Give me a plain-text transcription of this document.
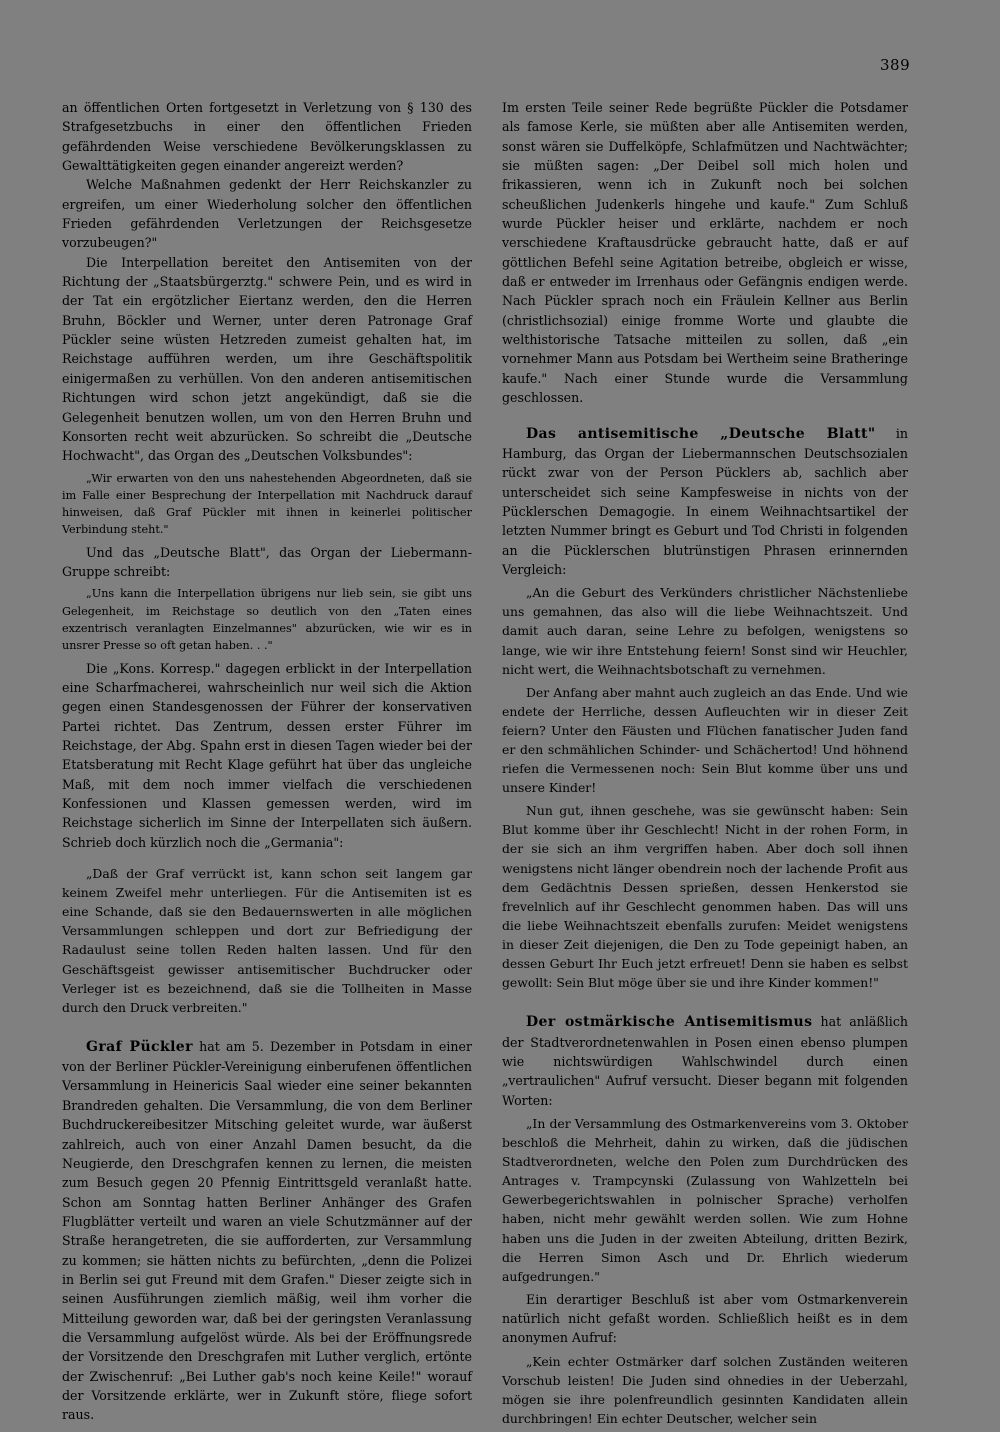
389

an öffentlichen Orten fortgesetzt in Verletzung von § 130 des Strafgesetzbuchs in einer den öffentlichen Frieden gefährdenden Weise verschiedene Bevölkerungsklassen zu Gewalttätigkeiten gegen einander angereizt werden?

Welche Maßnahmen gedenkt der Herr Reichskanzler zu ergreifen, um einer Wiederholung solcher den öffentlichen Frieden gefährdenden Verletzungen der Reichsgesetze vorzubeugen?"

Die Interpellation bereitet den Antisemiten von der Richtung der „Staatsbürgerztg." schwere Pein, und es wird in der Tat ein ergötzlicher Eiertanz werden, den die Herren Bruhn, Böckler und Werner, unter deren Patronage Graf Pückler seine wüsten Hetzreden zumeist gehalten hat, im Reichstage aufführen werden, um ihre Geschäftspolitik einigermaßen zu verhüllen. Von den anderen antisemitischen Richtungen wird schon jetzt angekündigt, daß sie die Gelegenheit benutzen wollen, um von den Herren Bruhn und Konsorten recht weit abzurücken. So schreibt die „Deutsche Hochwacht", das Organ des „Deutschen Volksbundes":

„Wir erwarten von den uns nahestehenden Abgeordneten, daß sie im Falle einer Besprechung der Interpellation mit Nachdruck darauf hinweisen, daß Graf Pückler mit ihnen in keinerlei politischer Verbindung steht."

Und das „Deutsche Blatt", das Organ der Liebermann-Gruppe schreibt:

„Uns kann die Interpellation übrigens nur lieb sein, sie gibt uns Gelegenheit, im Reichstage so deutlich von den „Taten eines exzentrisch veranlagten Einzelmannes" abzurücken, wie wir es in unsrer Presse so oft getan haben. . ."

Die „Kons. Korresp." dagegen erblickt in der Interpellation eine Scharfmacherei, wahrscheinlich nur weil sich die Aktion gegen einen Standesgenossen der Führer der konservativen Partei richtet. Das Zentrum, dessen erster Führer im Reichstage, der Abg. Spahn erst in diesen Tagen wieder bei der Etatsberatung mit Recht Klage geführt hat über das ungleiche Maß, mit dem noch immer vielfach die verschiedenen Konfessionen und Klassen gemessen werden, wird im Reichstage sicherlich im Sinne der Interpellaten sich äußern. Schrieb doch kürzlich noch die „Germania":

„Daß der Graf verrückt ist, kann schon seit langem gar keinem Zweifel mehr unterliegen. Für die Antisemiten ist es eine Schande, daß sie den Bedauernswerten in alle möglichen Versammlungen schleppen und dort zur Befriedigung der Radaulust seine tollen Reden halten lassen. Und für den Geschäftsgeist gewisser antisemitischer Buchdrucker oder Verleger ist es bezeichnend, daß sie die Tollheiten in Masse durch den Druck verbreiten."

Graf Pückler hat am 5. Dezember in Potsdam in einer von der Berliner Pückler-Vereinigung einberufenen öffentlichen Versammlung in Heinericis Saal wieder eine seiner bekannten Brandreden gehalten. Die Versammlung, die von dem Berliner Buchdruckereibesitzer Mitsching geleitet wurde, war äußerst zahlreich, auch von einer Anzahl Damen besucht, da die Neugierde, den Dreschgrafen kennen zu lernen, die meisten zum Besuch gegen 20 Pfennig Eintrittsgeld veranlaßt hatte. Schon am Sonntag hatten Berliner Anhänger des Grafen Flugblätter verteilt und waren an viele Schutzmänner auf der Straße herangetreten, die sie aufforderten, zur Versammlung zu kommen; sie hätten nichts zu befürchten, „denn die Polizei in Berlin sei gut Freund mit dem Grafen." Dieser zeigte sich in seinen Ausführungen ziemlich mäßig, weil ihm vorher die Mitteilung geworden war, daß bei der geringsten Veranlassung die Versammlung aufgelöst würde. Als bei der Eröffnungsrede der Vorsitzende den Dreschgrafen mit Luther verglich, ertönte der Zwischenruf: „Bei Luther gab's noch keine Keile!" worauf der Vorsitzende erklärte, wer in Zukunft störe, fliege sofort raus.

Im ersten Teile seiner Rede begrüßte Pückler die Potsdamer als famose Kerle, sie müßten aber alle Antisemiten werden, sonst wären sie Duffelköpfe, Schlafmützen und Nachtwächter; sie müßten sagen: „Der Deibel soll mich holen und frikassieren, wenn ich in Zukunft noch bei solchen scheußlichen Judenkerls hingehe und kaufe." Zum Schluß wurde Pückler heiser und erklärte, nachdem er noch verschiedene Kraftausdrücke gebraucht hatte, daß er auf göttlichen Befehl seine Agitation betreibe, obgleich er wisse, daß er entweder im Irrenhaus oder Gefängnis endigen werde. Nach Pückler sprach noch ein Fräulein Kellner aus Berlin (christlichsozial) einige fromme Worte und glaubte die welthistorische Tatsache mitteilen zu sollen, daß „ein vornehmer Mann aus Potsdam bei Wertheim seine Bratheringe kaufe." Nach einer Stunde wurde die Versammlung geschlossen.

Das antisemitische „Deutsche Blatt" in Hamburg, das Organ der Liebermannschen Deutschsozialen rückt zwar von der Person Pücklers ab, sachlich aber unterscheidet sich seine Kampfesweise in nichts von der Pücklerschen Demagogie. In einem Weihnachtsartikel der letzten Nummer bringt es Geburt und Tod Christi in folgenden an die Pücklerschen blutrünstigen Phrasen erinnernden Vergleich:

„An die Geburt des Verkünders christlicher Nächstenliebe uns gemahnen, das also will die liebe Weihnachtszeit. Und damit auch daran, seine Lehre zu befolgen, wenigstens so lange, wie wir ihre Entstehung feiern! Sonst sind wir Heuchler, nicht wert, die Weihnachtsbotschaft zu vernehmen.

Der Anfang aber mahnt auch zugleich an das Ende. Und wie endete der Herrliche, dessen Aufleuchten wir in dieser Zeit feiern? Unter den Fäusten und Flüchen fanatischer Juden fand er den schmählichen Schinder- und Schächertod! Und höhnend riefen die Vermessenen noch: Sein Blut komme über uns und unsere Kinder!

Nun gut, ihnen geschehe, was sie gewünscht haben: Sein Blut komme über ihr Geschlecht! Nicht in der rohen Form, in der sie sich an ihm vergriffen haben. Aber doch soll ihnen wenigstens nicht länger obendrein noch der lachende Profit aus dem Gedächtnis Dessen sprießen, dessen Henkerstod sie frevelnlich auf ihr Geschlecht genommen haben. Das will uns die liebe Weihnachtszeit ebenfalls zurufen: Meidet wenigstens in dieser Zeit diejenigen, die Den zu Tode gepeinigt haben, an dessen Geburt Ihr Euch jetzt erfreuet! Denn sie haben es selbst gewollt: Sein Blut möge über sie und ihre Kinder kommen!"

Der ostmärkische Antisemitismus hat anläßlich der Stadtverordnetenwahlen in Posen einen ebenso plumpen wie nichtswürdigen Wahlschwindel durch einen „vertraulichen" Aufruf versucht. Dieser begann mit folgenden Worten:

„In der Versammlung des Ostmarkenvereins vom 3. Oktober beschloß die Mehrheit, dahin zu wirken, daß die jüdischen Stadtverordneten, welche den Polen zum Durchdrücken des Antrages v. Trampcynski (Zulassung von Wahlzetteln bei Gewerbegerichtswahlen in polnischer Sprache) verholfen haben, nicht mehr gewählt werden sollen. Wie zum Hohne haben uns die Juden in der zweiten Abteilung, dritten Bezirk, die Herren Simon Asch und Dr. Ehrlich wiederum aufgedrungen."

Ein derartiger Beschluß ist aber vom Ostmarkenverein natürlich nicht gefaßt worden. Schließlich heißt es in dem anonymen Aufruf:

„Kein echter Ostmärker darf solchen Zuständen weiteren Vorschub leisten! Die Juden sind ohnedies in der Ueberzahl, mögen sie ihre polenfreundlich gesinnten Kandidaten allein durchbringen! Ein echter Deutscher, welcher sein
